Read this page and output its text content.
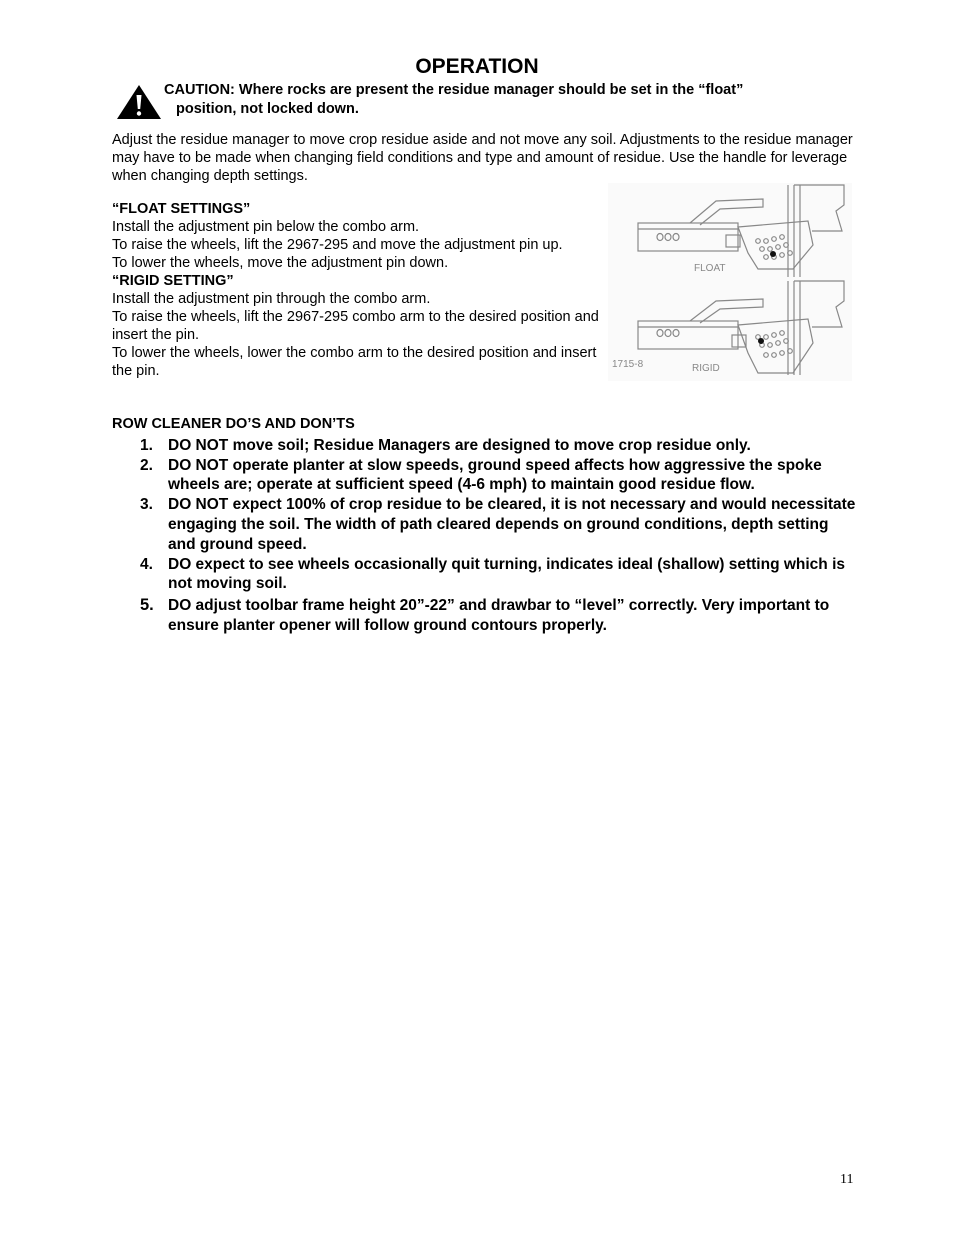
OPERATION
CAUTION: Where rocks are present the residue manager should be set in the “float”
position, not locked down.
Adjust the residue manager to move crop residue aside and not move any soil. Adjustments to the residue manager may have to be made when changing field conditions and type and amount of residue. Use the handle for leverage when changing depth settings.
“FLOAT SETTINGS”
Install the adjustment pin below the combo arm.
To raise the wheels, lift the 2967-295 and move the adjustment pin up.
To lower the wheels, move the adjustment pin down.
“RIGID SETTING”
Install the adjustment pin through the combo arm.
To raise the wheels, lift the 2967-295 combo arm to the desired position and insert the pin.
To lower the wheels, lower the combo arm to the desired position and insert the pin.
FLOAT
RIGID
1715-8
ROW CLEANER DO’S AND DON’TS
1. DO NOT move soil; Residue Managers are designed to move crop residue only.
2. DO NOT operate planter at slow speeds, ground speed affects how aggressive the spoke wheels are; operate at sufficient speed (4-6 mph) to maintain good residue flow.
3. DO NOT expect 100% of crop residue to be cleared, it is not necessary and would necessitate engaging the soil. The width of path cleared depends on ground conditions, depth setting and ground speed.
4. DO expect to see wheels occasionally quit turning, indicates ideal (shallow) setting which is not moving soil.
5. DO adjust toolbar frame height 20”-22” and drawbar to “level” correctly. Very important to ensure planter opener will follow ground contours properly.
11
